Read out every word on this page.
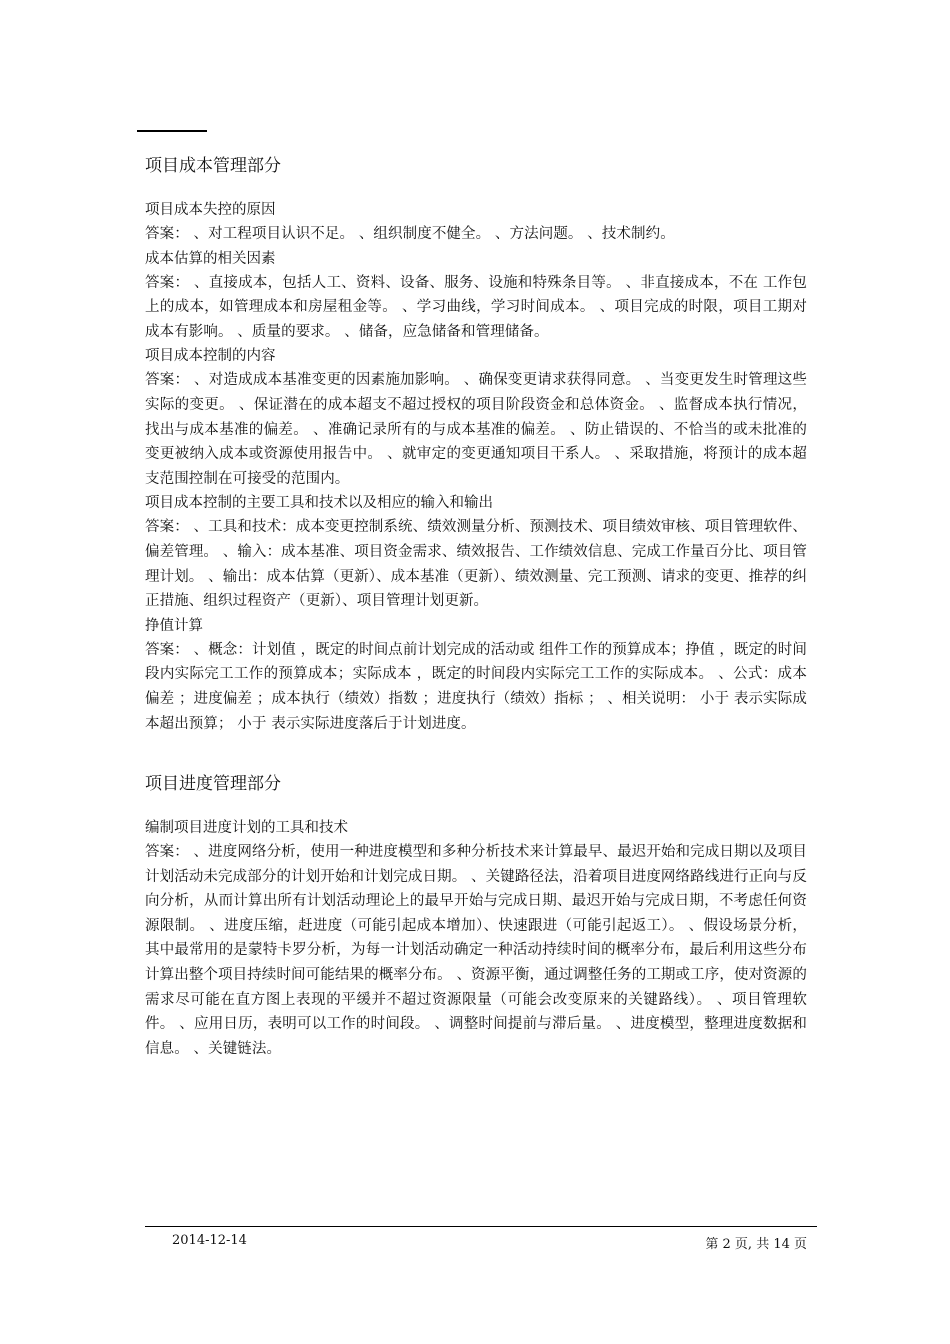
项目成本管理部分

项目成本失控的原因

答案： 、对工程项目认识不足。 、组织制度不健全。 、方法问题。 、技术制约。

成本估算的相关因素

答案： 、直接成本，包括人工、资料、设备、服务、设施和特殊条目等。 、非直接成本，不在 工作包上的成本，如管理成本和房屋租金等。 、学习曲线，学习时间成本。 、项目完成的时限，项目工期对成本有影响。 、质量的要求。 、储备，应急储备和管理储备。

项目成本控制的内容

答案： 、对造成成本基准变更的因素施加影响。 、确保变更请求获得同意。 、当变更发生时管理这些实际的变更。 、保证潜在的成本超支不超过授权的项目阶段资金和总体资金。 、监督成本执行情况，找出与成本基准的偏差。 、准确记录所有的与成本基准的偏差。 、防止错误的、不恰当的或未批准的变更被纳入成本或资源使用报告中。 、就审定的变更通知项目干系人。 、采取措施，将预计的成本超支范围控制在可接受的范围内。

项目成本控制的主要工具和技术以及相应的输入和输出

答案： 、工具和技术：成本变更控制系统、绩效测量分析、预测技术、项目绩效审核、项目管理软件、偏差管理。 、输入：成本基准、项目资金需求、绩效报告、工作绩效信息、完成工作量百分比、项目管理计划。 、输出：成本估算（更新）、成本基准（更新）、绩效测量、完工预测、请求的变更、推荐的纠正措施、组织过程资产（更新）、项目管理计划更新。

挣值计算

答案： 、概念：计划值 ，既定的时间点前计划完成的活动或 组件工作的预算成本；挣值 ，既定的时间段内实际完工工作的预算成本；实际成本 ，既定的时间段内实际完工工作的实际成本。 、公式：成本偏差 ；进度偏差 ；成本执行（绩效）指数 ；进度执行（绩效）指标 ； 、相关说明： 小于 表示实际成本超出预算； 小于 表示实际进度落后于计划进度。

项目进度管理部分

编制项目进度计划的工具和技术

答案： 、进度网络分析，使用一种进度模型和多种分析技术来计算最早、最迟开始和完成日期以及项目计划活动未完成部分的计划开始和计划完成日期。 、关键路径法，沿着项目进度网络路线进行正向与反向分析，从而计算出所有计划活动理论上的最早开始与完成日期、最迟开始与完成日期，不考虑任何资源限制。 、进度压缩，赶进度（可能引起成本增加）、快速跟进（可能引起返工）。 、假设场景分析，其中最常用的是蒙特卡罗分析，为每一计划活动确定一种活动持续时间的概率分布，最后利用这些分布计算出整个项目持续时间可能结果的概率分布。 、资源平衡，通过调整任务的工期或工序，使对资源的需求尽可能在直方图上表现的平缓并不超过资源限量（可能会改变原来的关键路线）。 、项目管理软件。 、应用日历，表明可以工作的时间段。 、调整时间提前与滞后量。 、进度模型，整理进度数据和信息。 、关键链法。

2014-12-14	第 2 页, 共 14 页
